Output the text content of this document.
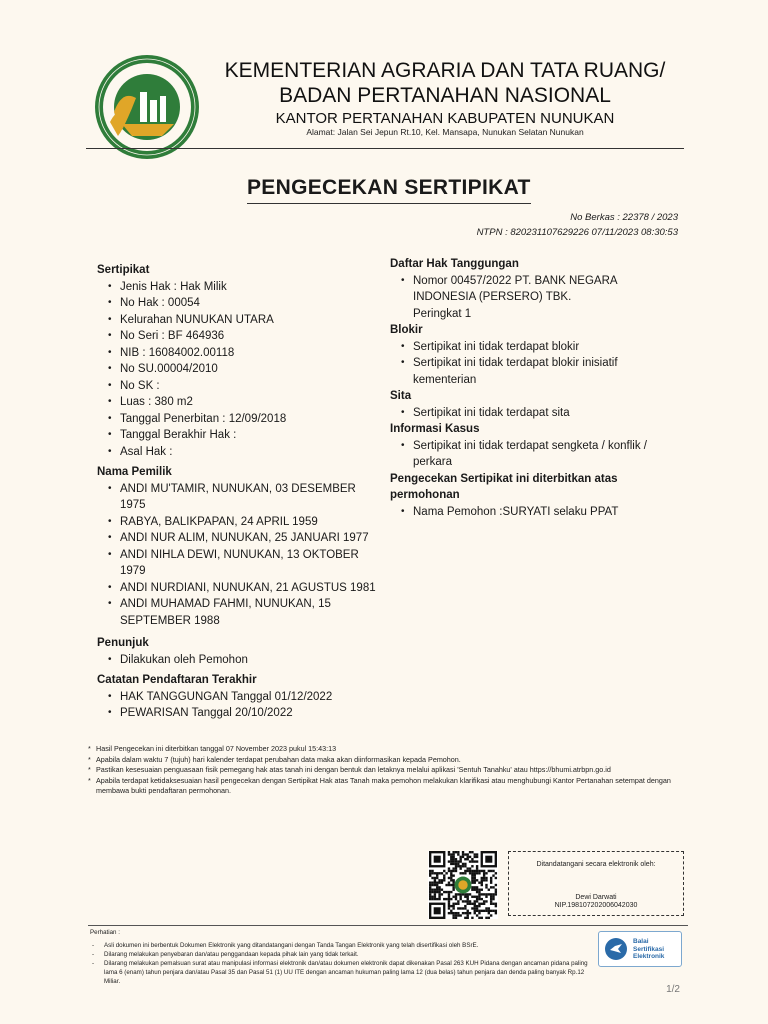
KEMENTERIAN AGRARIA DAN TATA RUANG/
BADAN PERTANAHAN NASIONAL
KANTOR PERTANAHAN KABUPATEN NUNUKAN
Alamat: Jalan Sei Jepun Rt.10, Kel. Mansapa, Nunukan Selatan Nunukan
PENGECEKAN SERTIPIKAT
No Berkas : 22378 / 2023
NTPN : 820231107629226 07/11/2023 08:30:53

Sertipikat

• Jenis Hak : Hak Milik
• No Hak : 00054
• Kelurahan NUNUKAN UTARA
• No Seri : BF 464936
• NIB : 16084002.00118
• No SU.00004/2010
• No SK :
• Luas : 380 m2
• Tanggal Penerbitan : 12/09/2018
• Tanggal Berakhir Hak :
• Asal Hak :

Nama Pemilik

• ANDI MU'TAMIR, NUNUKAN, 03 DESEMBER 1975
• RABYA, BALIKPAPAN, 24 APRIL 1959
• ANDI NUR ALIM, NUNUKAN, 25 JANUARI 1977
• ANDI NIHLA DEWI, NUNUKAN, 13 OKTOBER 1979
• ANDI NURDIANI, NUNUKAN, 21 AGUSTUS 1981
• ANDI MUHAMAD FAHMI, NUNUKAN, 15 SEPTEMBER 1988

Penunjuk

• Dilakukan oleh Pemohon

Catatan Pendaftaran Terakhir

• HAK TANGGUNGAN Tanggal 01/12/2022
• PEWARISAN Tanggal 20/10/2022

Daftar Hak Tanggungan

• Nomor 00457/2022 PT. BANK NEGARA INDONESIA (PERSERO) TBK.
Peringkat 1

Blokir

• Sertipikat ini tidak terdapat blokir
• Sertipikat ini tidak terdapat blokir inisiatif kementerian

Sita

• Sertipikat ini tidak terdapat sita

Informasi Kasus

• Sertipikat ini tidak terdapat sengketa / konflik / perkara

Pengecekan Sertipikat ini diterbitkan atas permohonan

• Nama Pemohon :SURYATI selaku PPAT
* Hasil Pengecekan ini diterbitkan tanggal 07 November 2023 pukul 15:43:13
* Apabila dalam waktu 7 (tujuh) hari kalender terdapat perubahan data maka akan diinformasikan kepada Pemohon.
* Pastikan kesesuaian penguasaan fisik pemegang hak atas tanah ini dengan bentuk dan letaknya melalui aplikasi 'Sentuh Tanahku' atau https://bhumi.atrbpn.go.id
* Apabila terdapat ketidaksesuaian hasil pengecekan dengan Sertipikat Hak atas Tanah maka pemohon melakukan klarifikasi atau menghubungi Kantor Pertanahan setempat dengan membawa bukti pendaftaran permohonan.
Ditandatangani secara elektronik oleh:
Dewi Darwati
NIP.198107202006042030
Perhatian :
- Asli dokumen ini berbentuk Dokumen Elektronik yang ditandatangani dengan Tanda Tangan Elektronik yang telah disertifikasi oleh BSrE.
- Dilarang melakukan penyebaran dan/atau penggandaan kepada pihak lain yang tidak terkait.
- Dilarang melakukan pemalsuan surat atau manipulasi informasi elektronik dan/atau dokumen elektronik dapat dikenakan Pasal 263 KUH Pidana dengan ancaman pidana paling lama 6 (enam) tahun penjara dan/atau Pasal 35 dan Pasal 51 (1) UU ITE dengan ancaman hukuman paling lama 12 (dua belas) tahun penjara dan denda paling banyak Rp.12 Miliar.
Balai
Sertifikasi
Elektronik
1/2
